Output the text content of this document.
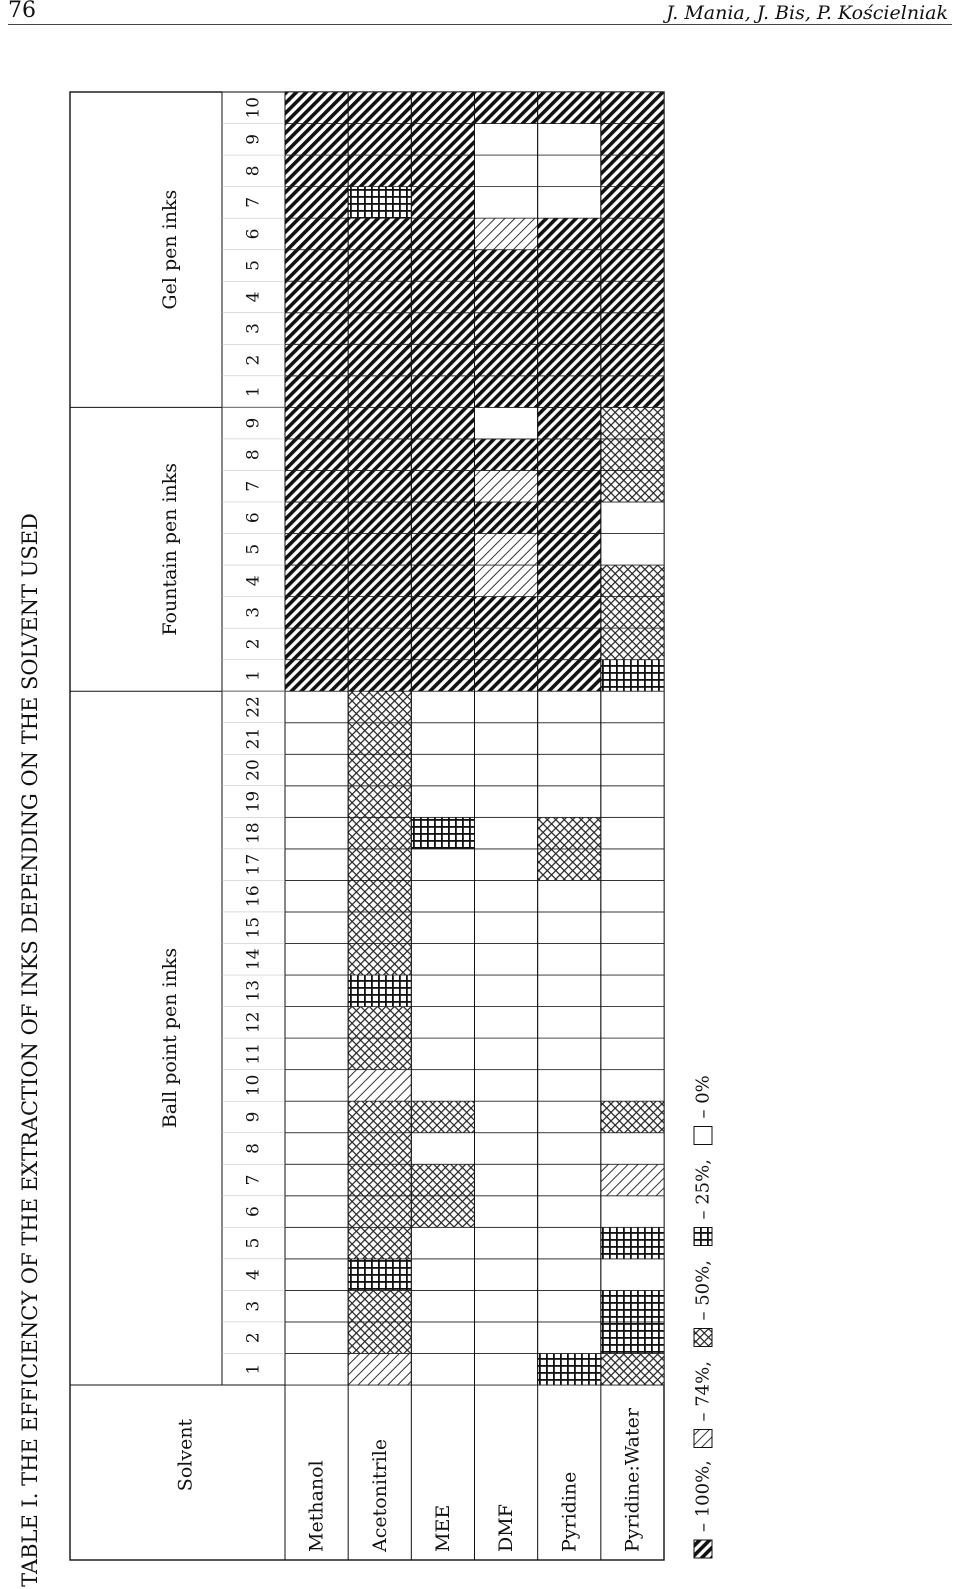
76	J. Mania, J. Bis, P. Kościelniak
TABLE I. THE EFFICIENCY OF THE EXTRACTION OF INKS DEPENDING ON THE SOLVENT USED	Ball point pen inks
Fountain pen inks
Gel pen inks
Solvent
Methanol Acetonitrile MEE DMF Pyridine Pyridine:Water
1
2
3
4
5
6
7
8
9
10
11
12
13
14
15
16
17
18
19
20
21
22
1
2
3
4
5
6
7
8
9
1
2
3
4
5
6
7
8
9
10
– 100%,
– 74%,
– 50%,
– 25%,
– 0%
